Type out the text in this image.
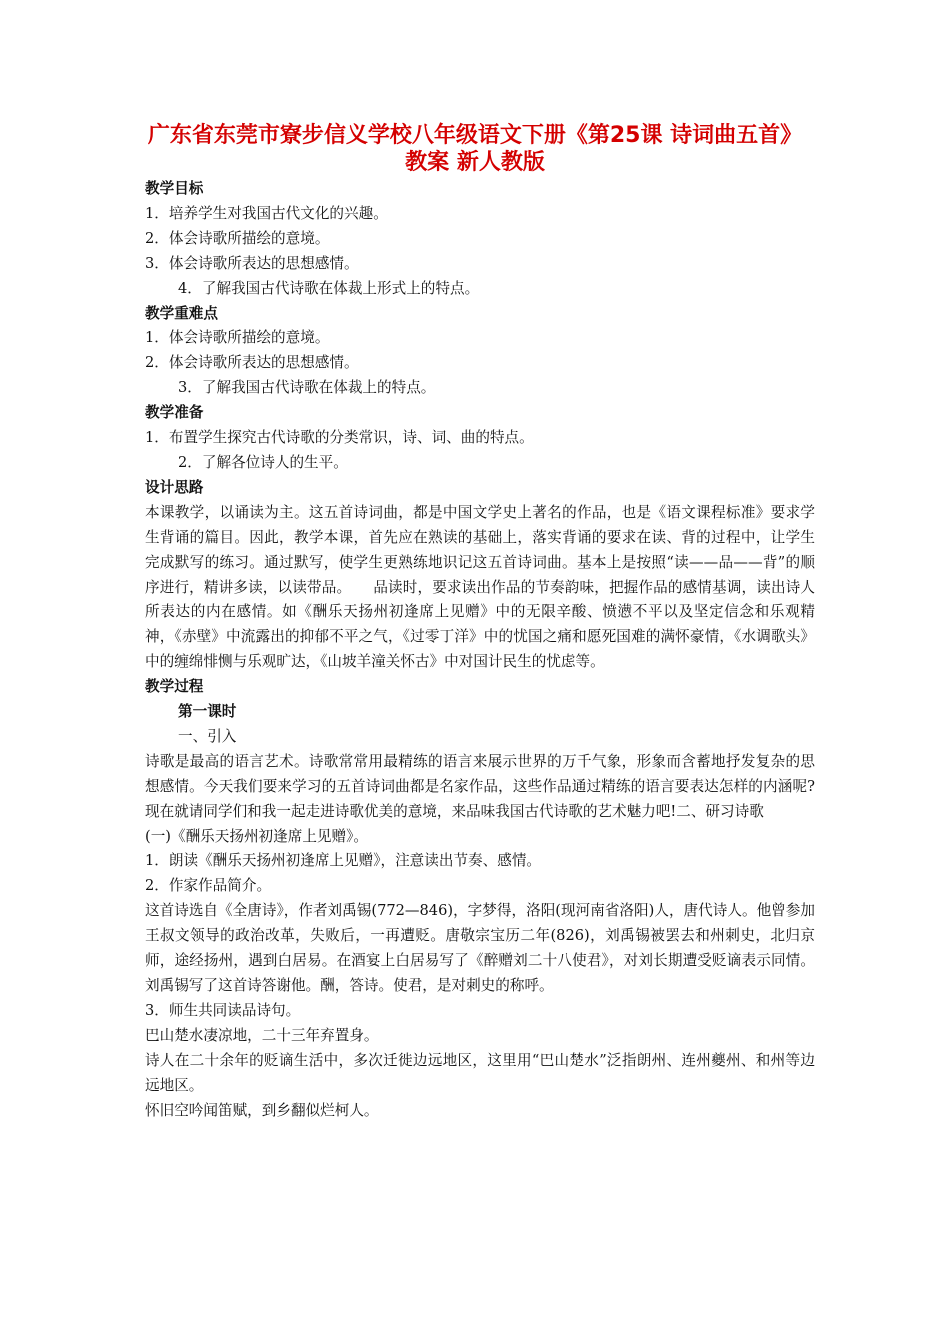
广东省东莞市寮步信义学校八年级语文下册《第25课 诗词曲五首》教案 新人教版
教学目标
1．培养学生对我国古代文化的兴趣。
2．体会诗歌所描绘的意境。
3．体会诗歌所表达的思想感情。
4．了解我国古代诗歌在体裁上形式上的特点。
教学重难点
1．体会诗歌所描绘的意境。
2．体会诗歌所表达的思想感情。
3．了解我国古代诗歌在体裁上的特点。
教学准备
1．布置学生探究古代诗歌的分类常识，诗、词、曲的特点。
2．了解各位诗人的生平。
设计思路
本课教学，以诵读为主。这五首诗词曲，都是中国文学史上著名的作品，也是《语文课程标准》要求学生背诵的篇目。因此，教学本课，首先应在熟读的基础上，落实背诵的要求在读、背的过程中，让学生完成默写的练习。通过默写，使学生更熟练地识记这五首诗词曲。基本上是按照“读——品——背”的顺序进行，精讲多读，以读带品。　　品读时，要求读出作品的节奏韵味，把握作品的感情基调，读出诗人所表达的内在感情。如《酬乐天扬州初逢席上见赠》中的无限辛酸、愤懑不平以及坚定信念和乐观精神，《赤壁》中流露出的抑郁不平之气，《过零丁洋》中的忧国之痛和愿死国难的满怀豪情，《水调歌头》中的缠绵悱恻与乐观旷达，《山坡羊潼关怀古》中对国计民生的忧虑等。
教学过程
第一课时
一、引入
诗歌是最高的语言艺术。诗歌常常用最精练的语言来展示世界的万千气象，形象而含蓄地抒发复杂的思想感情。今天我们要来学习的五首诗词曲都是名家作品，这些作品通过精练的语言要表达怎样的内涵呢?现在就请同学们和我一起走进诗歌优美的意境，来品味我国古代诗歌的艺术魅力吧!二、研习诗歌
(一)《酬乐天扬州初逢席上见赠》。
1．朗读《酬乐天扬州初逢席上见赠》，注意读出节奏、感情。
2．作家作品简介。
这首诗选自《全唐诗》，作者刘禹锡(772—846)，字梦得，洛阳(现河南省洛阳)人，唐代诗人。他曾参加王叔文领导的政治改革，失败后，一再遭贬。唐敬宗宝历二年(826)，刘禹锡被罢去和州刺史，北归京师，途经扬州，遇到白居易。在酒宴上白居易写了《醉赠刘二十八使君》，对刘长期遭受贬谪表示同情。刘禹锡写了这首诗答谢他。酬，答诗。使君，是对刺史的称呼。
3．师生共同读品诗句。
巴山楚水凄凉地，二十三年弃置身。
诗人在二十余年的贬谪生活中，多次迁徙边远地区，这里用“巴山楚水”泛指朗州、连州夔州、和州等边远地区。
怀旧空吟闻笛赋，到乡翻似烂柯人。
